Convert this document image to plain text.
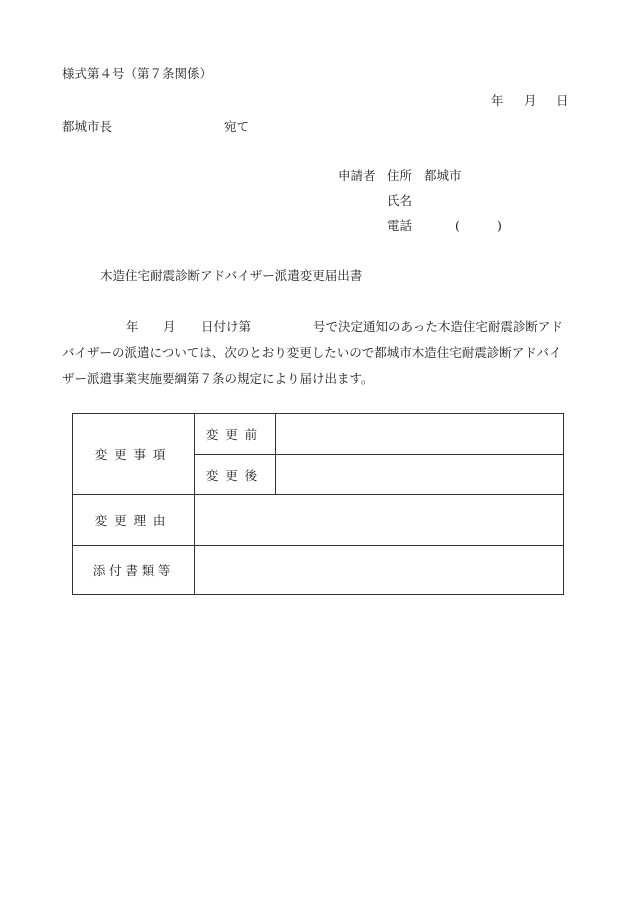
様式第４号（第７条関係）
年 月 日
都城市長	宛て
申請者 住所 都城市
氏名
電話	(	)
木造住宅耐震診断アドバイザー派遣変更届出書
年 月 日付け第	号で決定通知のあった木造住宅耐震診断アド
バイザーの派遣については、次のとおり変更したいので都城市木造住宅耐震診断アドバイ
ザー派遣事業実施要綱第７条の規定により届け出ます。
変更事項	変更前	
	変更後	
変更理由		
添付書類等		
